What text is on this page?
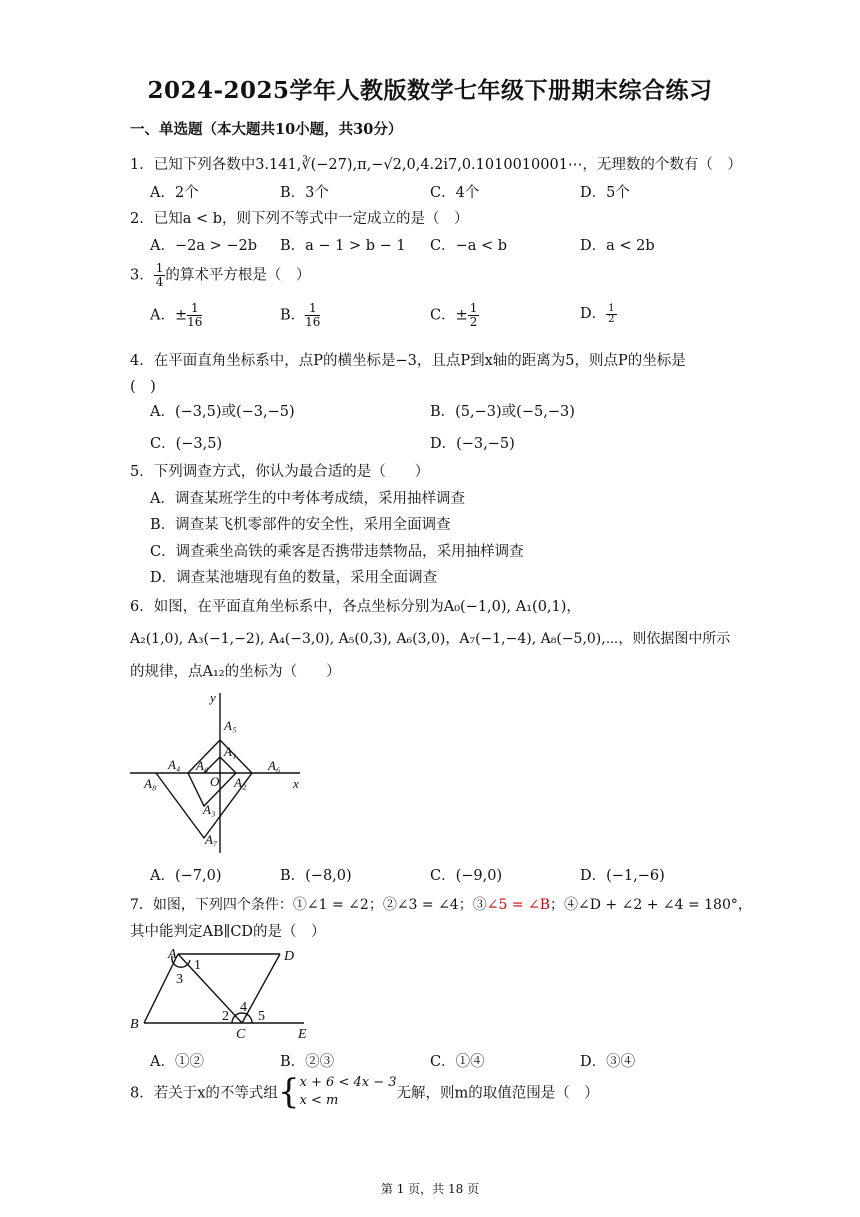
2024-2025学年人教版数学七年级下册期末综合练习
一、单选题（本大题共10小题，共30分）
1．已知下列各数中3.141,∛(−27),π,−√2,0,4.2i7,0.1010010001⋯，无理数的个数有（　）
A．2个	B．3个	C．4个	D．5个
2．已知a < b，则下列不等式中一定成立的是（　）
A．−2a > −2b B．a − 1 > b − 1 C．−a < b	D．a < 2b
3． $\frac{1}{4}$ 的算术平方根是（　）
A．± $\frac{1}{16}$	B． $\frac{1}{16}$	C．± $\frac{1}{2}$	D． $\frac{1}{2}$
4．在平面直角坐标系中，点P的横坐标是−3，且点P到x轴的距离为5，则点P的坐标是
(　)
A．(−3,5)或(−3,−5)	B．(5,−3)或(−5,−3)
C．(−3,5)	D．(−3,−5)
5．下列调查方式，你认为最合适的是（　　）
A．调查某班学生的中考体考成绩，采用抽样调查
B．调查某飞机零部件的安全性，采用全面调查
C．调查乘坐高铁的乘客是否携带违禁物品，采用抽样调查
D．调查某池塘现有鱼的数量，采用全面调查
6．如图，在平面直角坐标系中，各点坐标分别为A₀(−1,0), A₁(0,1)，
A₂(1,0), A₃(−1,−2), A₄(−3,0), A₅(0,3), A₆(3,0)，A₇(−1,−4), A₈(−5,0),⋯，则依据图中所示
的规律，点A₁₂的坐标为（　　）
y
x
O
A₀
A₁
A₂
A₃
A₄
A₅
A₆
A₇
A₈
A．(−7,0)	B．(−8,0)	C．(−9,0)	D．(−1,−6)
7．如图，下列四个条件：①∠1 = ∠2；②∠3 = ∠4；③∠5 = ∠B；④∠D + ∠2 + ∠4 = 180°，
其中能判定AB∥CD的是（　）
A	D
B
C	E
1
3
2
4
5
A．①②	B．②③	C．①④	D．③④
8．若关于x的不等式组{ x + 6 < 4x − 3
x < m	无解，则m的取值范围是（　）
第 1 页，共 18 页
